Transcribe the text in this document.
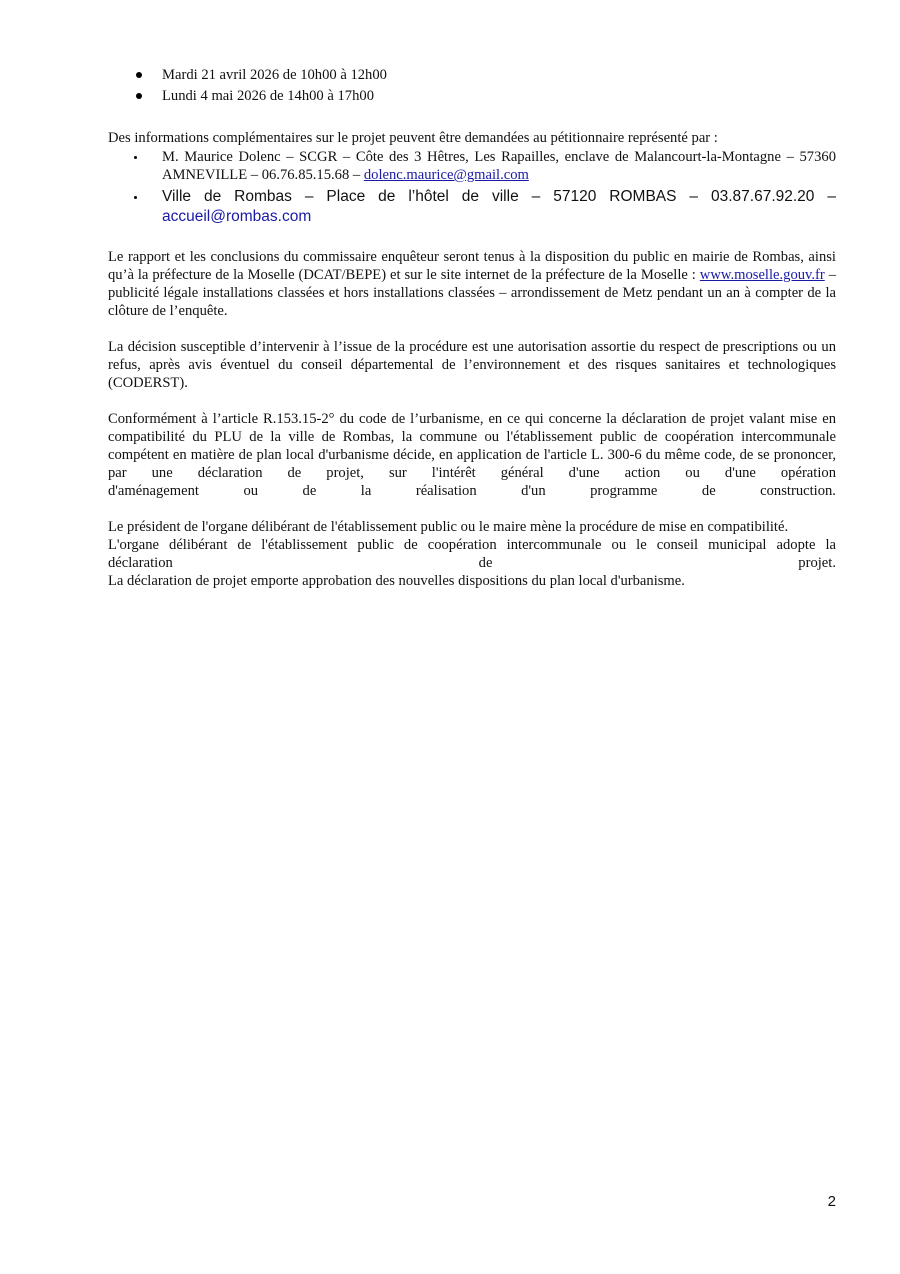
Mardi 21 avril 2026 de 10h00 à 12h00
Lundi 4 mai 2026 de 14h00 à 17h00

Des informations complémentaires sur le projet peuvent être demandées au pétitionnaire représenté par :

M. Maurice Dolenc – SCGR – Côte des 3 Hêtres, Les Rapailles, enclave de Malancourt-la-Montagne – 57360 AMNEVILLE – 06.76.85.15.68 – dolenc.maurice@gmail.com
Ville de Rombas – Place de l’hôtel de ville – 57120 ROMBAS – 03.87.67.92.20 – accueil@rombas.com

Le rapport et les conclusions du commissaire enquêteur seront tenus à la disposition du public en mairie de Rombas, ainsi qu’à la préfecture de la Moselle (DCAT/BEPE) et sur le site internet de la préfecture de la Moselle : www.moselle.gouv.fr – publicité légale installations classées et hors installations classées – arrondissement de Metz pendant un an à compter de la clôture de l’enquête.

La décision susceptible d’intervenir à l’issue de la procédure est une autorisation assortie du respect de prescriptions ou un refus, après avis éventuel du conseil départemental de l’environnement et des risques sanitaires et technologiques (CODERST).

Conformément à l’article R.153.15-2° du code de l’urbanisme, en ce qui concerne la déclaration de projet valant mise en compatibilité du PLU de la ville de Rombas, la commune ou l'établissement public de coopération intercommunale compétent en matière de plan local d'urbanisme décide, en application de l'article L. 300-6 du même code, de se prononcer, par une déclaration de projet, sur l'intérêt général d'une action ou d'une opération

d'aménagement	ou	de	la	réalisation	d'un	programme	de	construction.

Le président de l'organe délibérant de l'établissement public ou le maire mène la procédure de mise en compatibilité.

L'organe délibérant de l'établissement public de coopération intercommunale ou le conseil municipal adopte la

déclaration	de	projet.

La déclaration de projet emporte approbation des nouvelles dispositions du plan local d'urbanisme.

2
